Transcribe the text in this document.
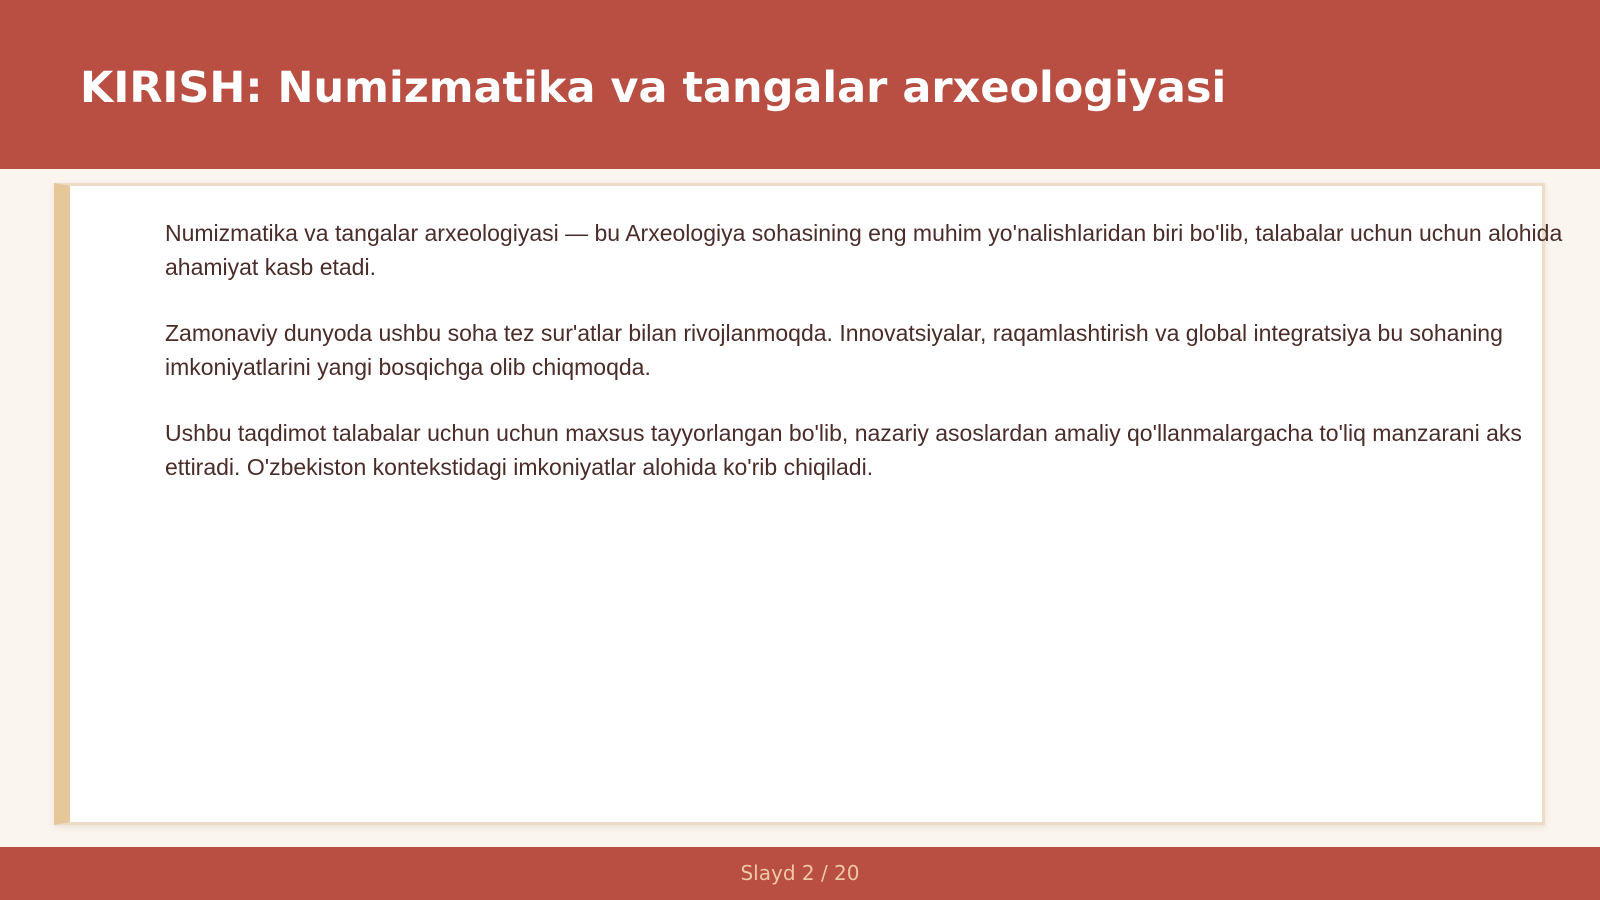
KIRISH: Numizmatika va tangalar arxeologiyasi

Numizmatika va tangalar arxeologiyasi — bu Arxeologiya sohasining eng muhim yo'nalishlaridan biri bo'lib, talabalar uchun uchun alohida ahamiyat kasb etadi.

Zamonaviy dunyoda ushbu soha tez sur'atlar bilan rivojlanmoqda. Innovatsiyalar, raqamlashtirish va global integratsiya bu sohaning imkoniyatlarini yangi bosqichga olib chiqmoqda.

Ushbu taqdimot talabalar uchun uchun maxsus tayyorlangan bo'lib, nazariy asoslardan amaliy qo'llanmalargacha to'liq manzarani aks ettiradi. O'zbekiston kontekstidagi imkoniyatlar alohida ko'rib chiqiladi.

Slayd 2 / 20
